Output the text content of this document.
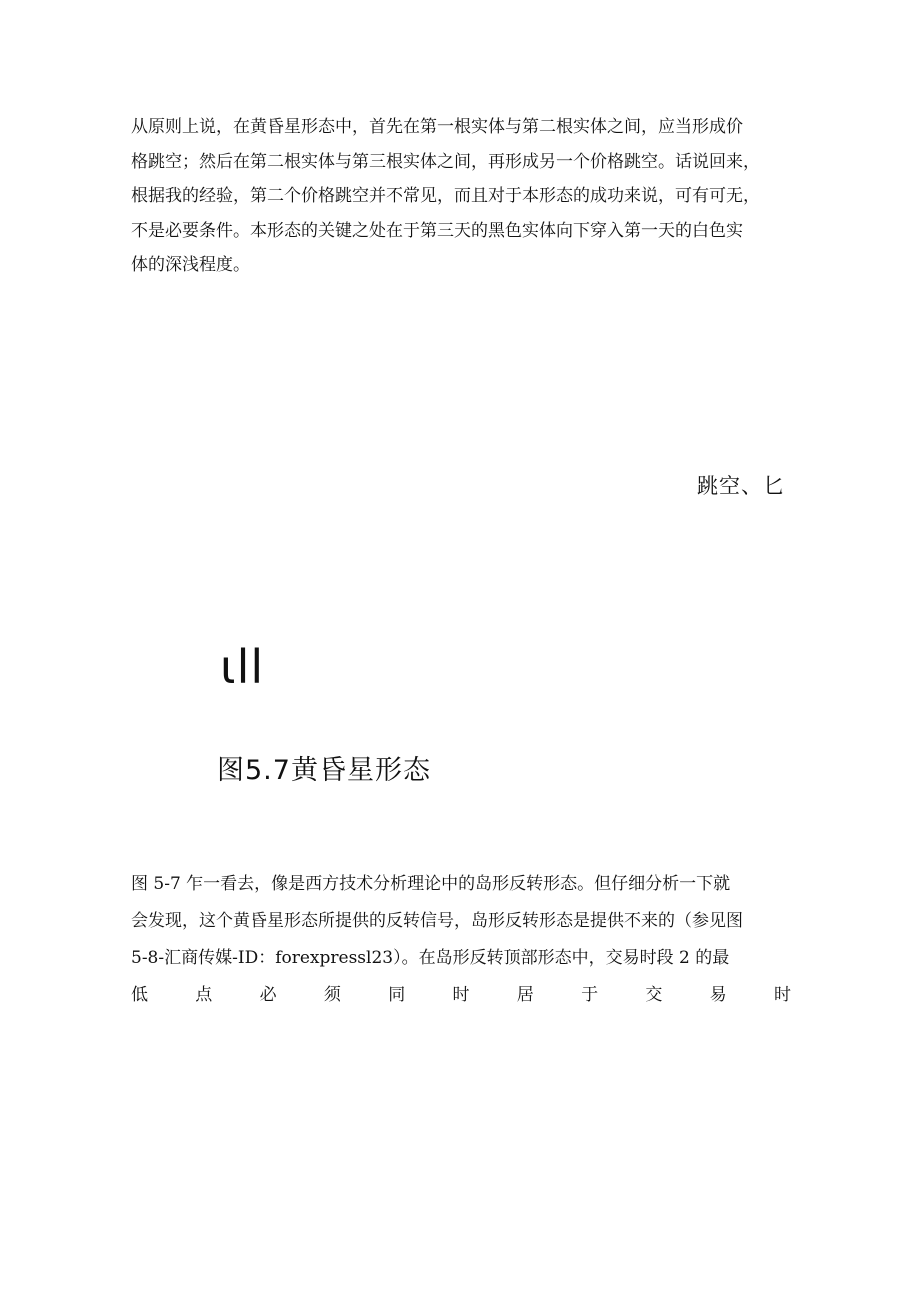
从原则上说，在黄昏星形态中，首先在第一根实体与第二根实体之间，应当形成价
格跳空；然后在第二根实体与第三根实体之间，再形成另一个价格跳空。话说回来，
根据我的经验，第二个价格跳空并不常见，而且对于本形态的成功来说，可有可无，
不是必要条件。本形态的关键之处在于第三天的黑色实体向下穿入第一天的白色实
体的深浅程度。
跳空、匕
ιll
图5.7黄昏星形态
图 5-7 乍一看去，像是西方技术分析理论中的岛形反转形态。但仔细分析一下就
会发现，这个黄昏星形态所提供的反转信号，岛形反转形态是提供不来的（参见图
5-8-汇商传媒-ID：forexpressl23）。在岛形反转顶部形态中，交易时段 2 的最
低	点	必	须	同	时	居	于	交	易	时
